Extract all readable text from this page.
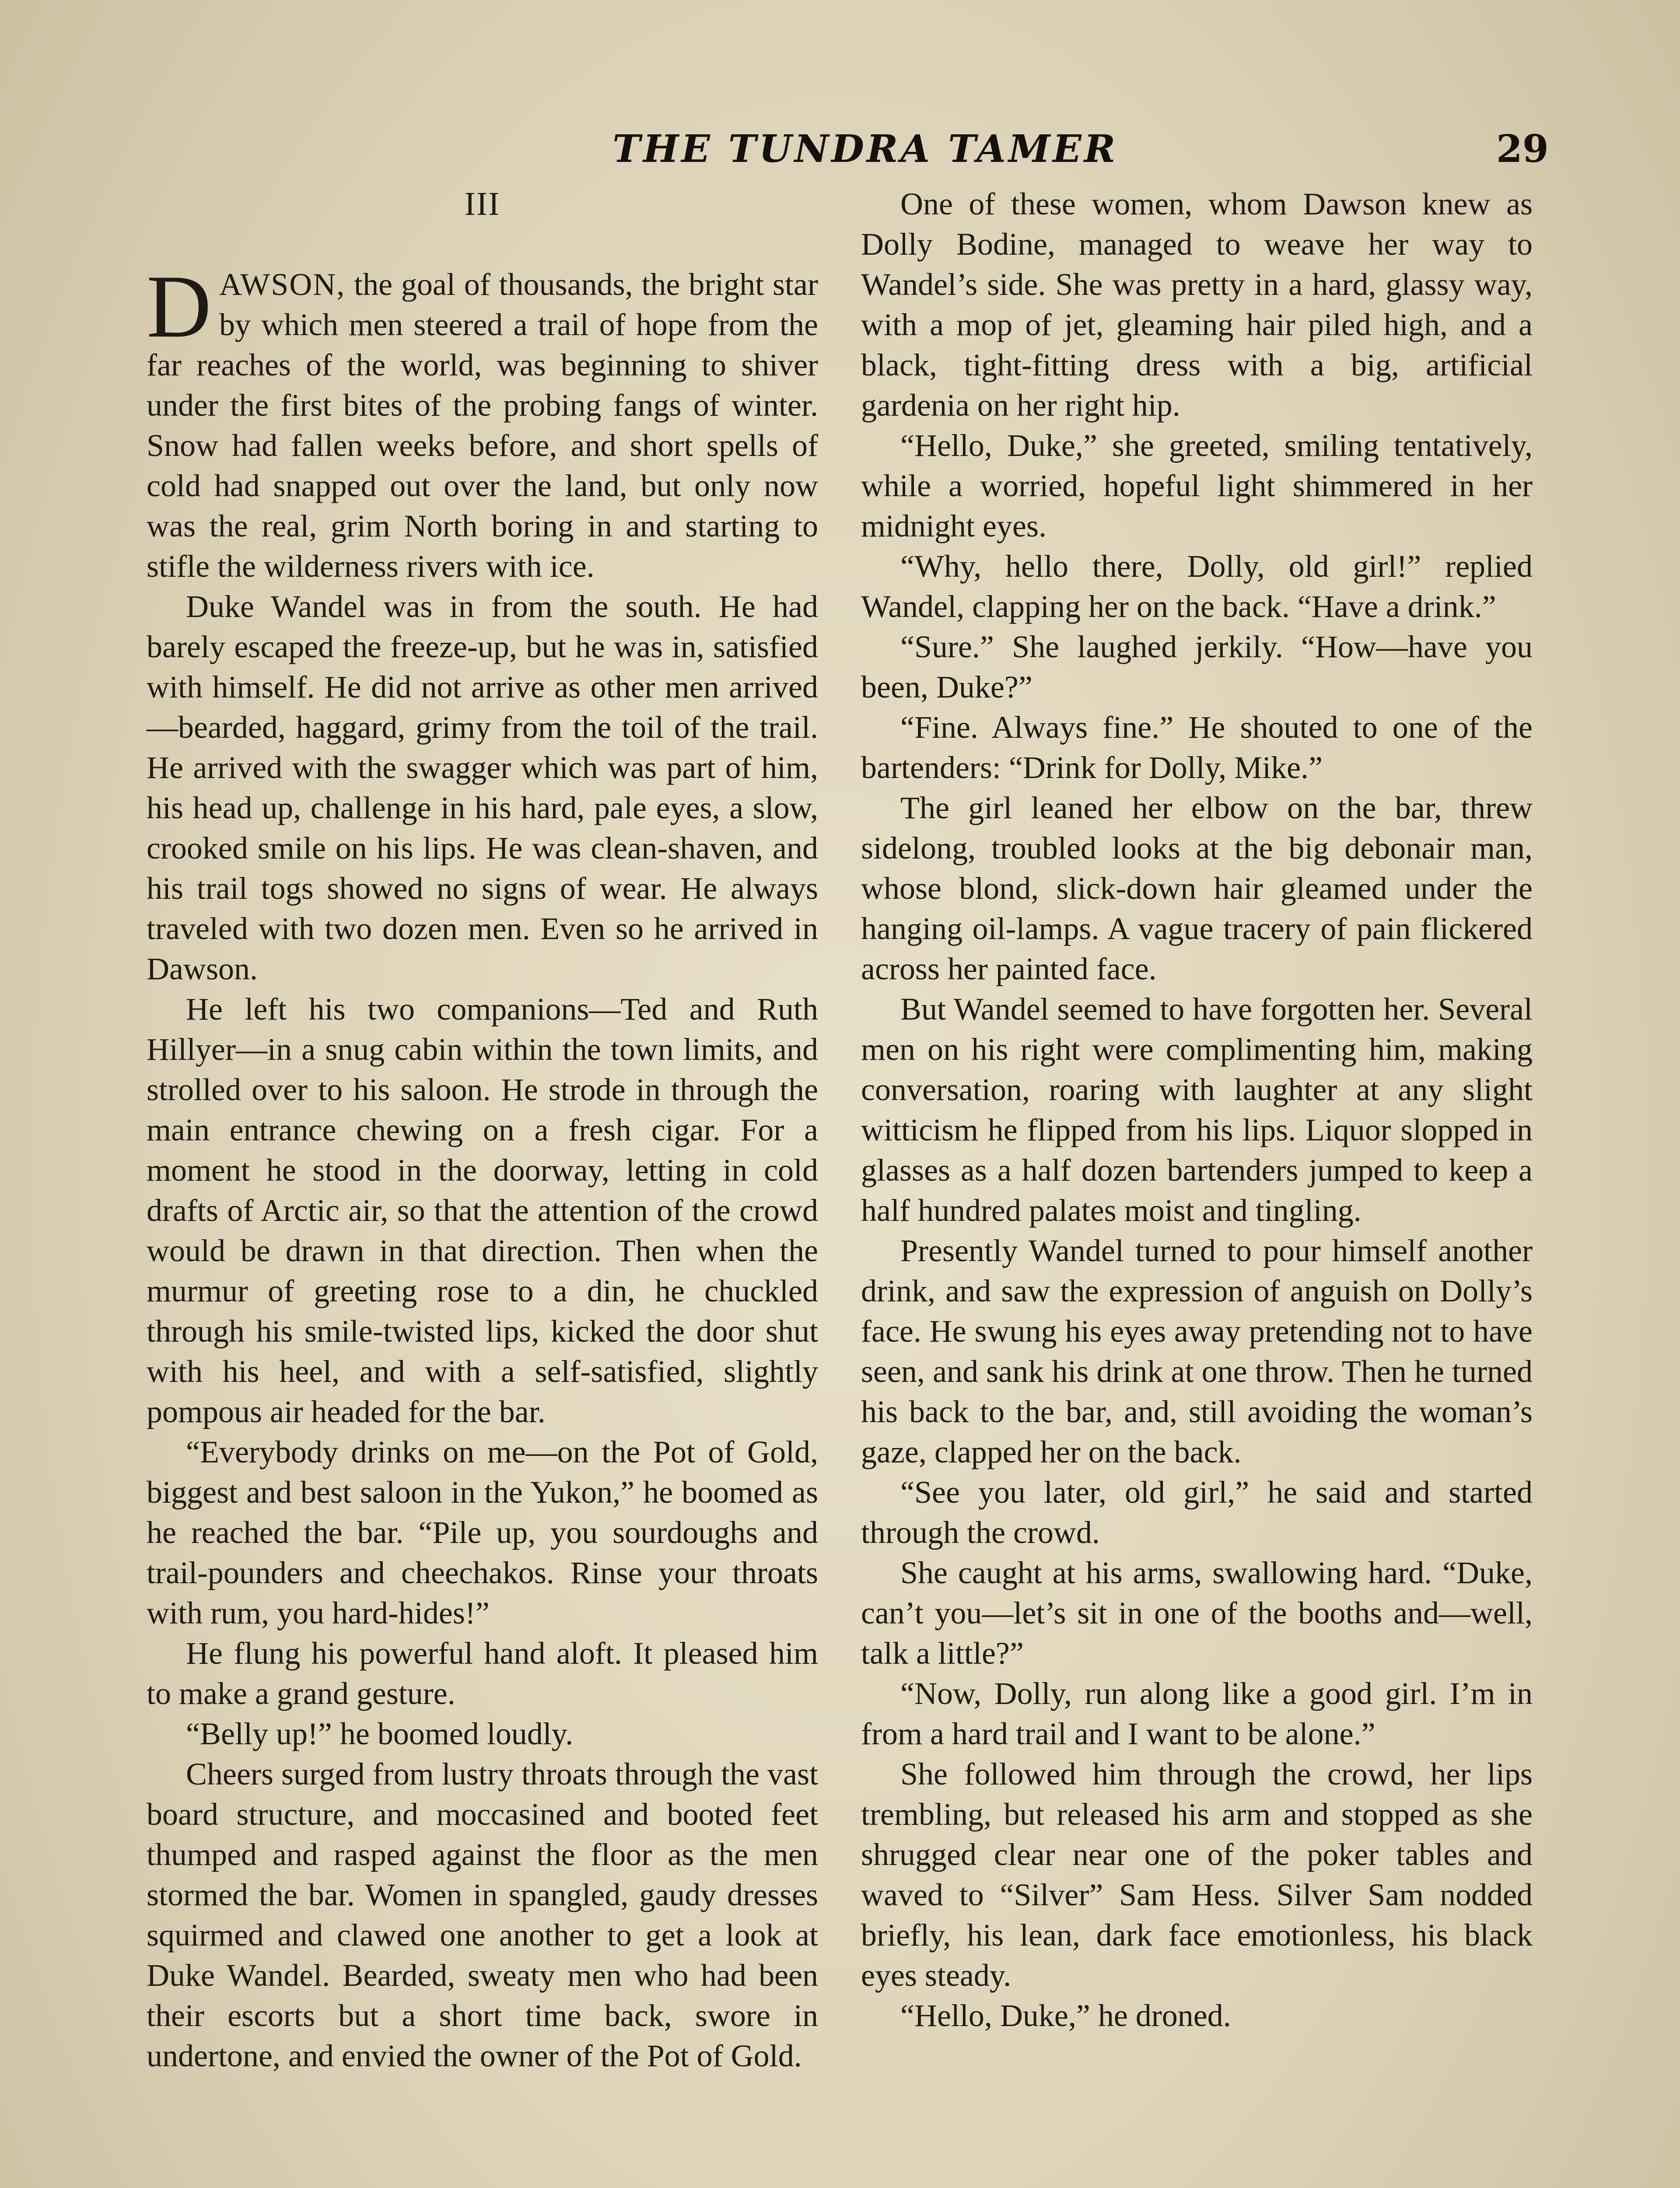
THE TUNDRA TAMER	29
III

DAWSON, the goal of thousands, the bright star by which men steered a trail of hope from the far reaches of the world, was beginning to shiver under the first bites of the probing fangs of winter. Snow had fallen weeks before, and short spells of cold had snapped out over the land, but only now was the real, grim North boring in and starting to stifle the wilderness rivers with ice.

Duke Wandel was in from the south. He had barely escaped the freeze-up, but he was in, satisfied with himself. He did not arrive as other men arrived—bearded, haggard, grimy from the toil of the trail. He arrived with the swagger which was part of him, his head up, challenge in his hard, pale eyes, a slow, crooked smile on his lips. He was clean-shaven, and his trail togs showed no signs of wear. He always traveled with two dozen men. Even so he arrived in Dawson.

He left his two companions—Ted and Ruth Hillyer—in a snug cabin within the town limits, and strolled over to his saloon. He strode in through the main entrance chewing on a fresh cigar. For a moment he stood in the doorway, letting in cold drafts of Arctic air, so that the attention of the crowd would be drawn in that direction. Then when the murmur of greeting rose to a din, he chuckled through his smile-twisted lips, kicked the door shut with his heel, and with a self-satisfied, slightly pompous air headed for the bar.

“Everybody drinks on me—on the Pot of Gold, biggest and best saloon in the Yukon,” he boomed as he reached the bar. “Pile up, you sourdoughs and trail-pounders and cheechakos. Rinse your throats with rum, you hard-hides!”

He flung his powerful hand aloft. It pleased him to make a grand gesture.

“Belly up!” he boomed loudly.

Cheers surged from lustry throats through the vast board structure, and moccasined and booted feet thumped and rasped against the floor as the men stormed the bar. Women in spangled, gaudy dresses squirmed and clawed one another to get a look at Duke Wandel. Bearded, sweaty men who had been their escorts but a short time back, swore in undertone, and envied the owner of the Pot of Gold.

One of these women, whom Dawson knew as Dolly Bodine, managed to weave her way to Wandel’s side. She was pretty in a hard, glassy way, with a mop of jet, gleaming hair piled high, and a black, tight-fitting dress with a big, artificial gardenia on her right hip.

“Hello, Duke,” she greeted, smiling tentatively, while a worried, hopeful light shimmered in her midnight eyes.

“Why, hello there, Dolly, old girl!” replied Wandel, clapping her on the back. “Have a drink.”

“Sure.” She laughed jerkily. “How—have you been, Duke?”

“Fine. Always fine.” He shouted to one of the bartenders: “Drink for Dolly, Mike.”

The girl leaned her elbow on the bar, threw sidelong, troubled looks at the big debonair man, whose blond, slick-down hair gleamed under the hanging oil-lamps. A vague tracery of pain flickered across her painted face.

But Wandel seemed to have forgotten her. Several men on his right were complimenting him, making conversation, roaring with laughter at any slight witticism he flipped from his lips. Liquor slopped in glasses as a half dozen bartenders jumped to keep a half hundred palates moist and tingling.

Presently Wandel turned to pour himself another drink, and saw the expression of anguish on Dolly’s face. He swung his eyes away pretending not to have seen, and sank his drink at one throw. Then he turned his back to the bar, and, still avoiding the woman’s gaze, clapped her on the back.

“See you later, old girl,” he said and started through the crowd.

She caught at his arms, swallowing hard. “Duke, can’t you—let’s sit in one of the booths and—well, talk a little?”

“Now, Dolly, run along like a good girl. I’m in from a hard trail and I want to be alone.”

She followed him through the crowd, her lips trembling, but released his arm and stopped as she shrugged clear near one of the poker tables and waved to “Silver” Sam Hess. Silver Sam nodded briefly, his lean, dark face emotionless, his black eyes steady.

“Hello, Duke,” he droned.
